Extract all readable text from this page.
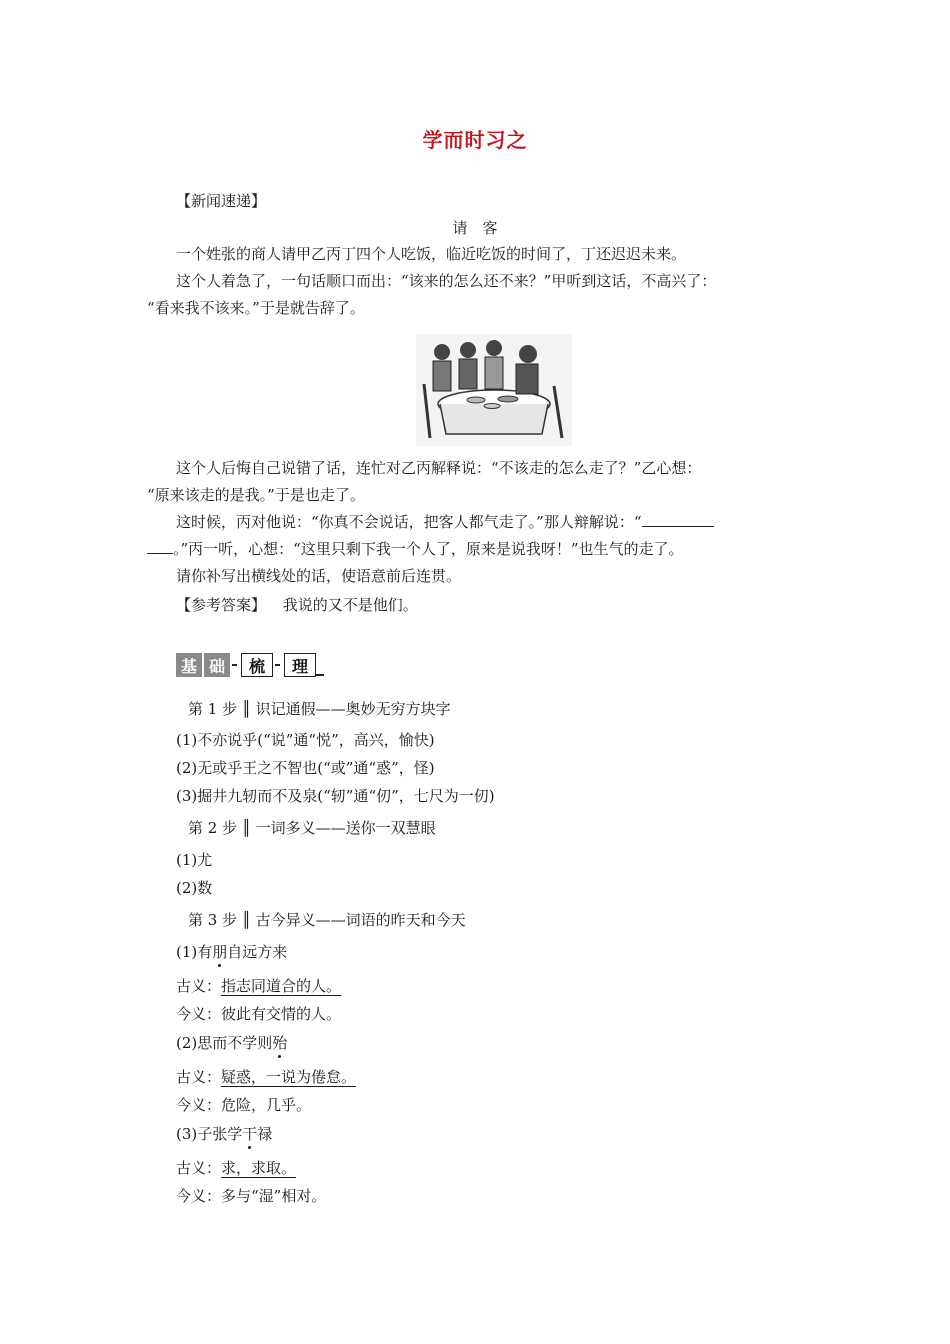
学而时习之
【新闻速递】
请　客
一个姓张的商人请甲乙丙丁四个人吃饭，临近吃饭的时间了，丁还迟迟未来。
这个人着急了，一句话顺口而出：“该来的怎么还不来？”甲听到这话，不高兴了：
“看来我不该来。”于是就告辞了。
这个人后悔自己说错了话，连忙对乙丙解释说：“不该走的怎么走了？”乙心想：
“原来该走的是我。”于是也走了。
这时候，丙对他说：“你真不会说话，把客人都气走了。”那人辩解说：“
。”丙一听，心想：“这里只剩下我一个人了，原来是说我呀！”也生气的走了。
请你补写出横线处的话，使语意前后连贯。
【参考答案】 我说的又不是他们。
基 础	梳	理
第 1 步 ║ 识记通假——奥妙无穷方块字
(1)不亦说乎(“说”通“悦”，高兴，愉快)
(2)无或乎王之不智也(“或”通“惑”，怪)
(3)掘井九轫而不及泉(“轫”通“仞”，七尺为一仞)
第 2 步 ║ 一词多义——送你一双慧眼
(1)尤
(2)数
第 3 步 ║ 古今异义——词语的昨天和今天
(1)有朋自远方来
古义：指志同道合的人。
今义：彼此有交情的人。
(2)思而不学则殆
古义：疑惑，一说为倦怠。
今义：危险，几乎。
(3)子张学干禄
古义：求，求取。
今义：多与“湿”相对。
